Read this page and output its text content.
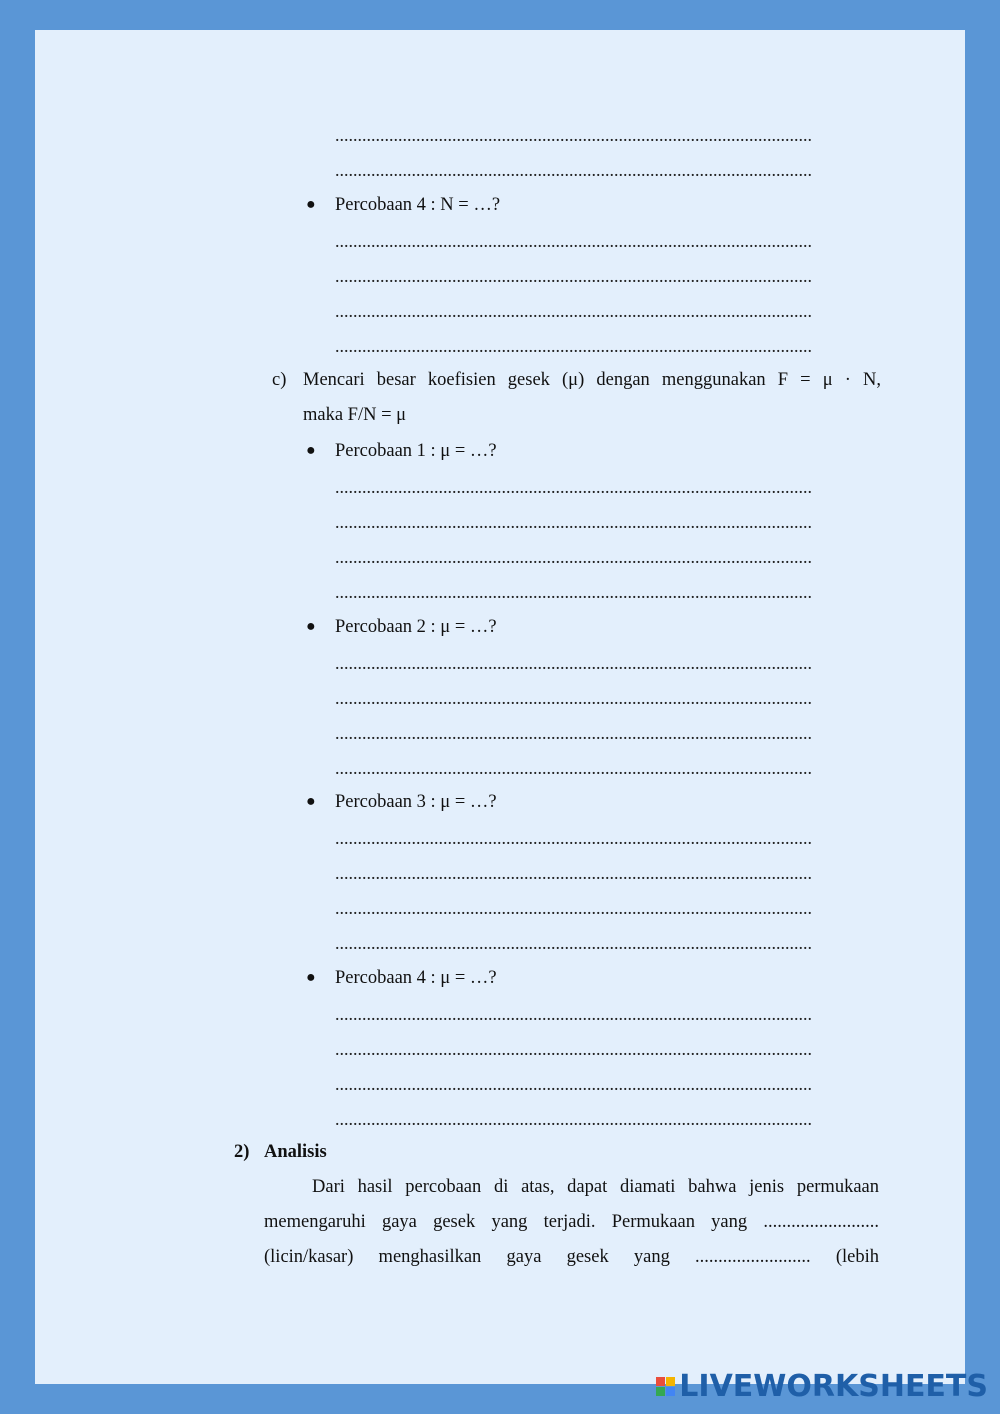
..........................................................................................................
..........................................................................................................
● Percobaan 4 : N = …?
..........................................................................................................
..........................................................................................................
..........................................................................................................
..........................................................................................................
c) Mencari besar koefisien gesek (μ) dengan menggunakan F = μ · N,
maka F/N = μ
● Percobaan 1 : μ = …?
..........................................................................................................
..........................................................................................................
..........................................................................................................
..........................................................................................................
● Percobaan 2 : μ = …?
..........................................................................................................
..........................................................................................................
..........................................................................................................
..........................................................................................................
● Percobaan 3 : μ = …?
..........................................................................................................
..........................................................................................................
..........................................................................................................
..........................................................................................................
● Percobaan 4 : μ = …?
..........................................................................................................
..........................................................................................................
..........................................................................................................
..........................................................................................................
2) Analisis
Dari hasil percobaan di atas, dapat diamati bahwa jenis permukaan
memengaruhi gaya gesek yang terjadi. Permukaan yang .........................
(licin/kasar) menghasilkan gaya gesek yang ......................... (lebih
LIVEWORKSHEETS
